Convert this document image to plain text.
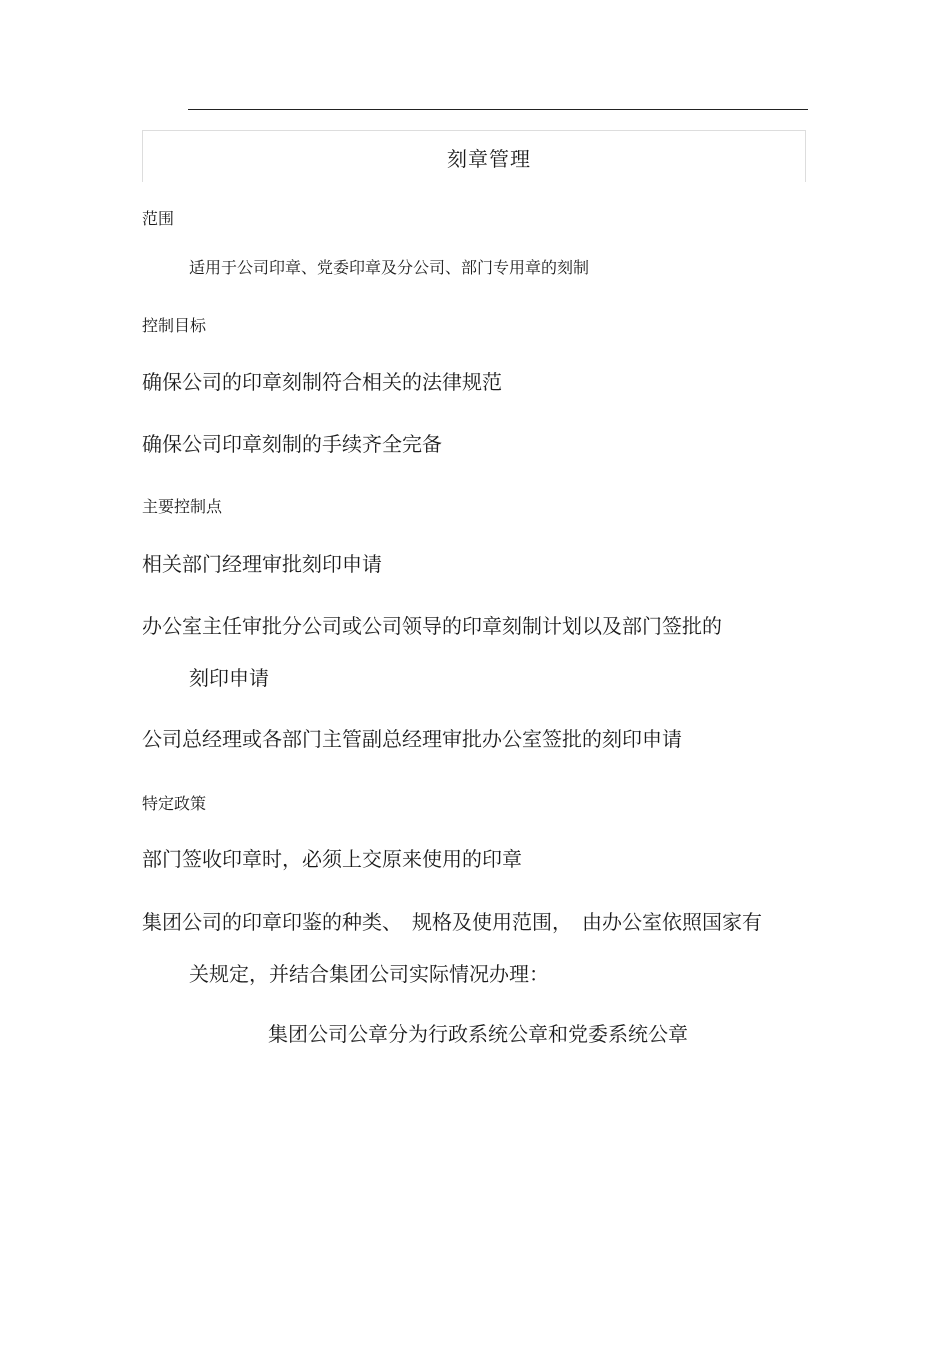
刻章管理
范围
适用于公司印章、党委印章及分公司、部门专用章的刻制
控制目标
确保公司的印章刻制符合相关的法律规范
确保公司印章刻制的手续齐全完备
主要控制点
相关部门经理审批刻印申请
办公室主任审批分公司或公司领导的印章刻制计划以及部门签批的
刻印申请
公司总经理或各部门主管副总经理审批办公室签批的刻印申请
特定政策
部门签收印章时，必须上交原来使用的印章
集团公司的印章印鉴的种类、　规格及使用范围，　由办公室依照国家有
关规定，并结合集团公司实际情况办理：
集团公司公章分为行政系统公章和党委系统公章
